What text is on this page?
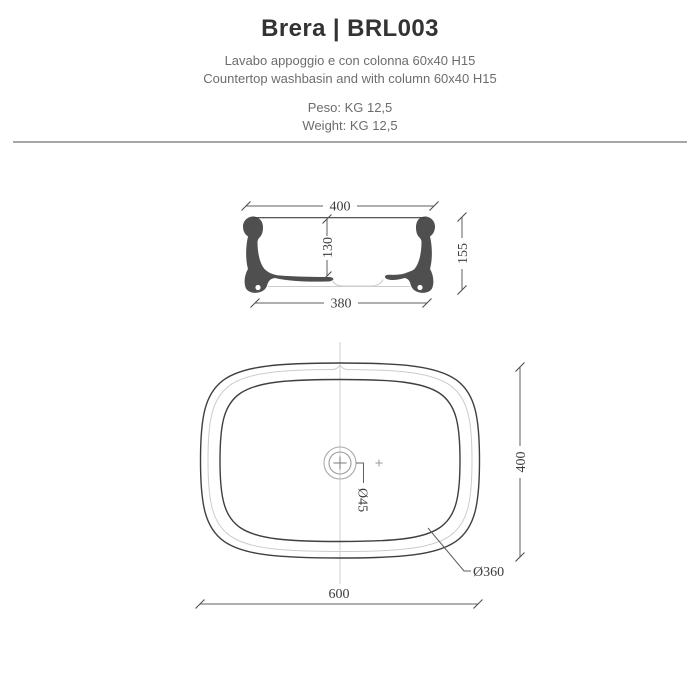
Brera | BRL003
Lavabo appoggio e con colonna 60x40 H15
Countertop washbasin and with column 60x40 H15
Peso: KG 12,5
Weight: KG 12,5
400
130
380
155
Ø45
Ø360
600
400
